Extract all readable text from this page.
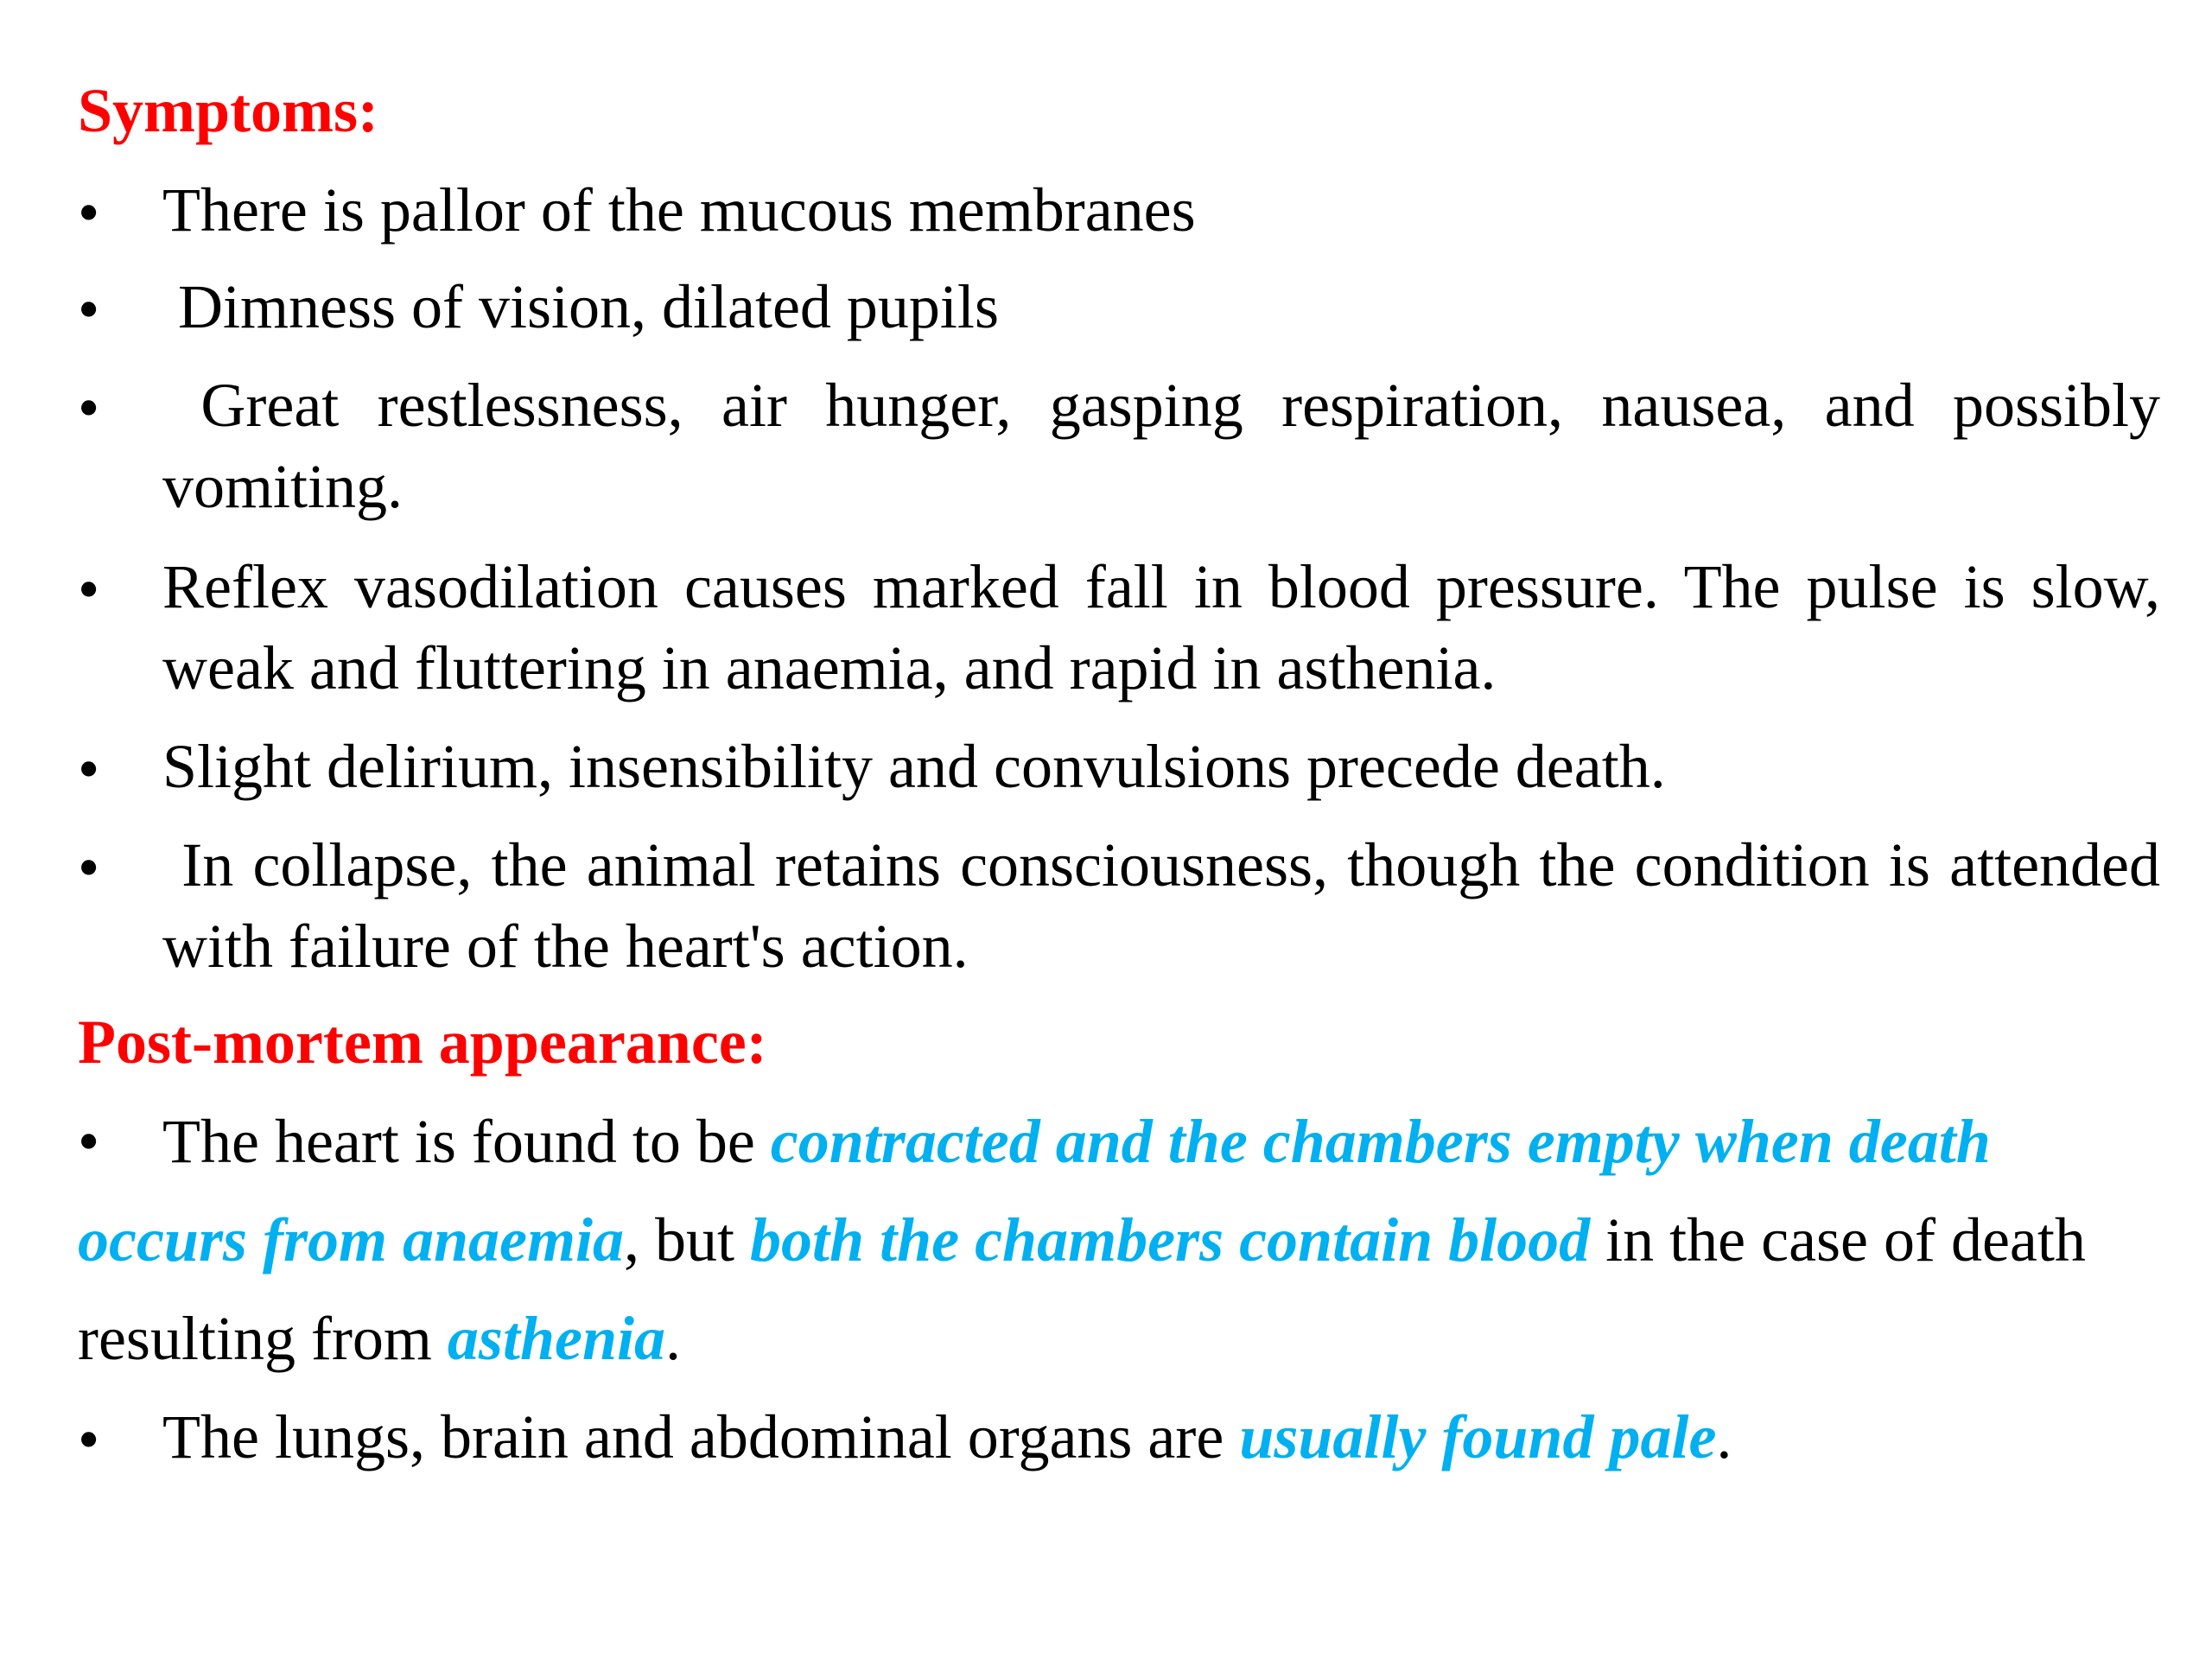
Symptoms:
• There is pallor of the mucous membranes
• Dimness of vision, dilated pupils
• Great restlessness, air hunger, gasping respiration, nausea, and possibly vomiting.
• Reflex vasodilation causes marked fall in blood pressure. The pulse is slow, weak and fluttering in anaemia, and rapid in asthenia.
• Slight delirium, insensibility and convulsions precede death.
• In collapse, the animal retains consciousness, though the condition is attended with failure of the heart's action.
Post-mortem appearance:
• The heart is found to be contracted and the chambers empty when death occurs from anaemia, but both the chambers contain blood in the case of death resulting from asthenia.
• The lungs, brain and abdominal organs are usually found pale.
